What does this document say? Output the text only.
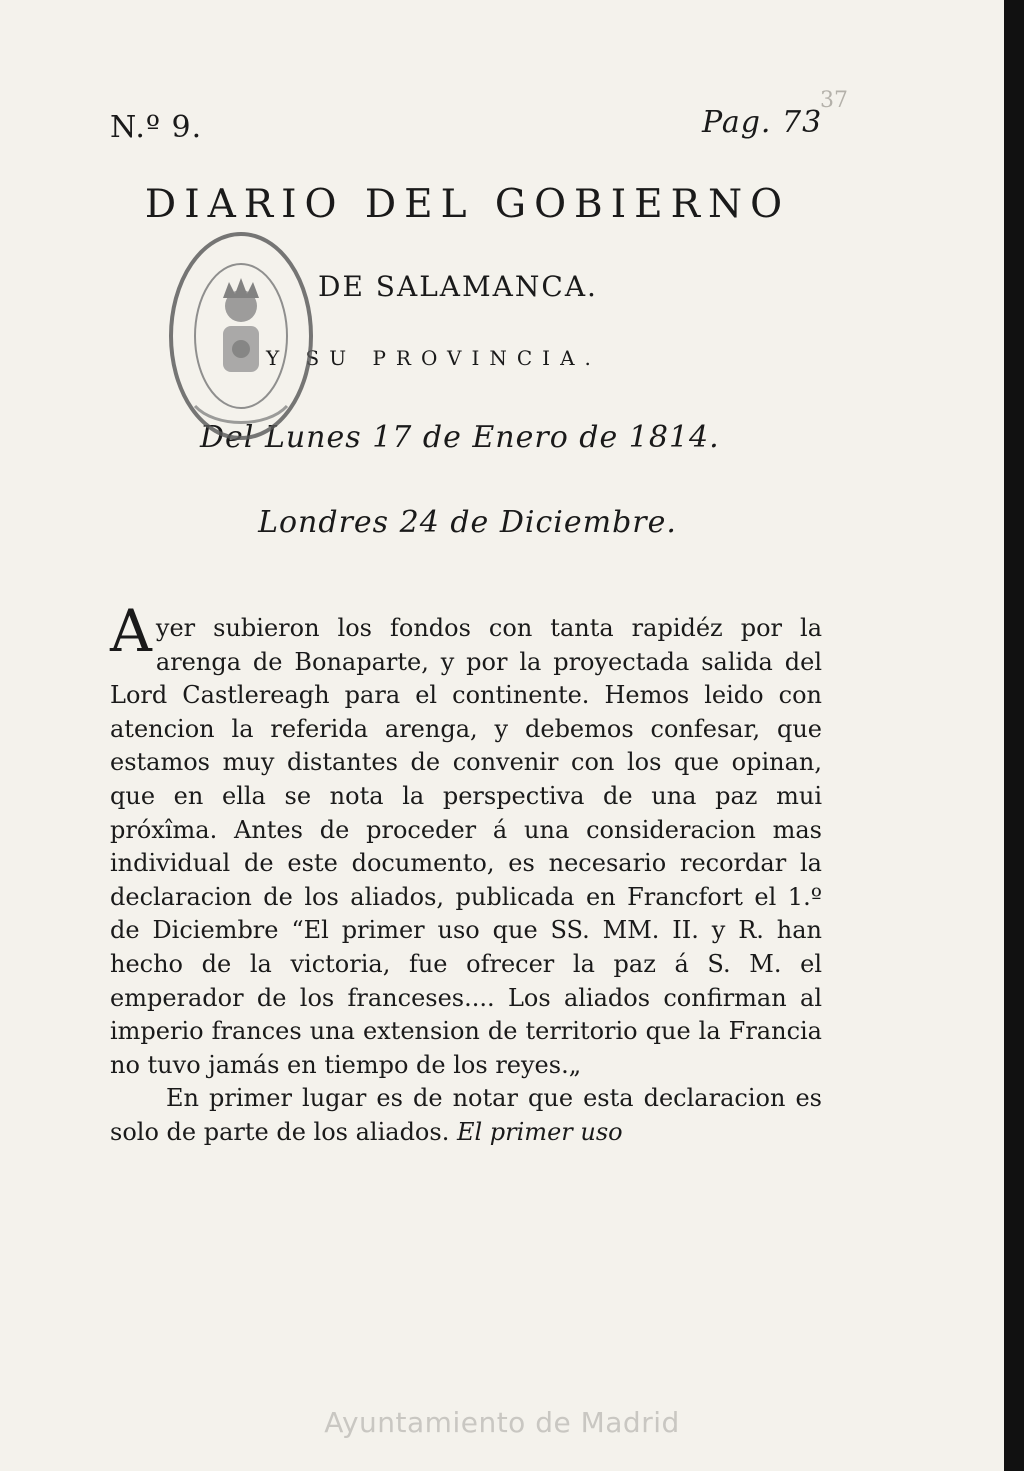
37
N.º 9.	Pag. 73
DIARIO DEL GOBIERNO
DE SALAMANCA.
Y SU PROVINCIA.
Del Lunes 17 de Enero de 1814.
Londres 24 de Diciembre.

Ayer subieron los fondos con tanta rapidéz por la arenga de Bonaparte, y por la proyectada salida del Lord Castlereagh para el continente. Hemos leido con atencion la referida arenga, y debemos confesar, que estamos muy distantes de convenir con los que opinan, que en ella se nota la perspectiva de una paz mui próxîma. Antes de proceder á una consideracion mas individual de este documento, es necesario recordar la declaracion de los aliados, publicada en Francfort el 1.º de Diciembre “El primer uso que SS. MM. II. y R. han hecho de la victoria, fue ofrecer la paz á S. M. el emperador de los franceses.... Los aliados confirman al imperio frances una extension de territorio que la Francia no tuvo jamás en tiempo de los reyes.„

En primer lugar es de notar que esta declaracion es solo de parte de los aliados. El primer uso

Ayuntamiento de Madrid
